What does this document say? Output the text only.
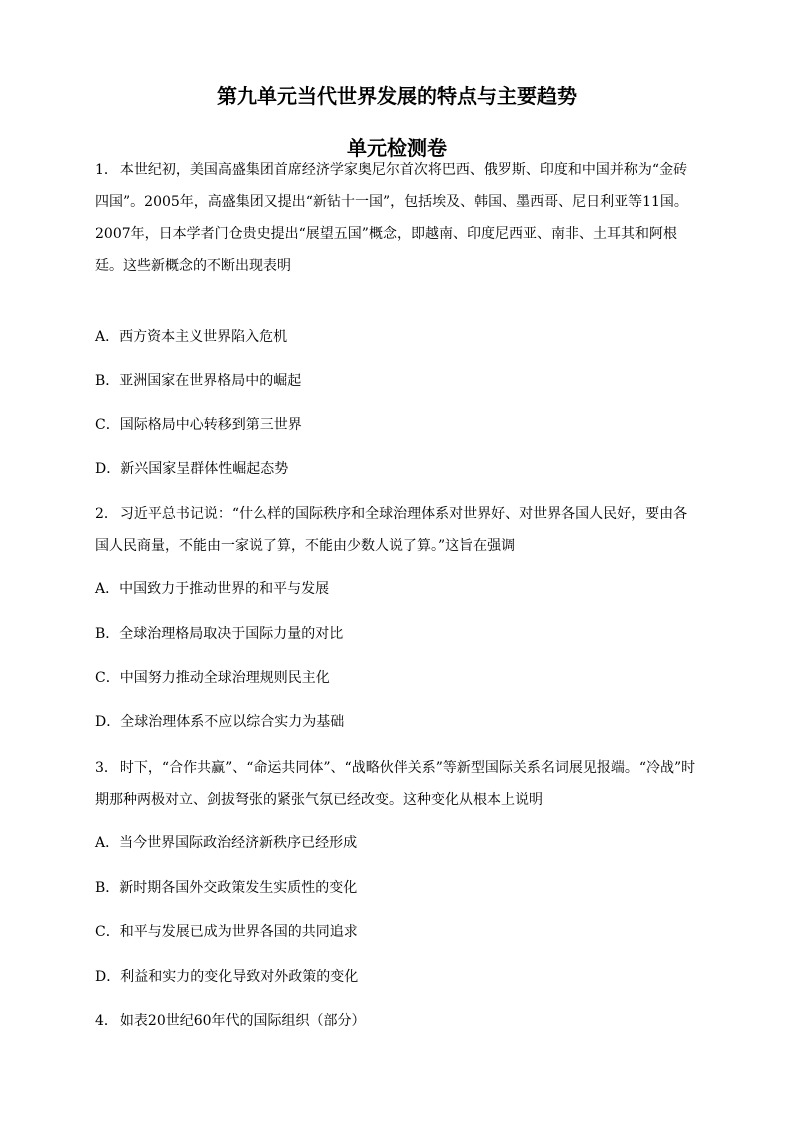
第九单元当代世界发展的特点与主要趋势
单元检测卷
1． 本世纪初，美国高盛集团首席经济学家奥尼尔首次将巴西、俄罗斯、印度和中国并称为“金砖四国”。2005年，高盛集团又提出“新钻十一国”，包括埃及、韩国、墨西哥、尼日利亚等11国。2007年，日本学者门仓贵史提出“展望五国”概念，即越南、印度尼西亚、南非、土耳其和阿根廷。这些新概念的不断出现表明
A．西方资本主义世界陷入危机
B．亚洲国家在世界格局中的崛起
C．国际格局中心转移到第三世界
D．新兴国家呈群体性崛起态势
2． 习近平总书记说：“什么样的国际秩序和全球治理体系对世界好、对世界各国人民好，要由各国人民商量，不能由一家说了算，不能由少数人说了算。”这旨在强调
A．中国致力于推动世界的和平与发展
B．全球治理格局取决于国际力量的对比
C．中国努力推动全球治理规则民主化
D．全球治理体系不应以综合实力为基础
3． 时下，“合作共赢”、“命运共同体”、“战略伙伴关系”等新型国际关系名词展见报端。“冷战”时期那种两极对立、剑拔弩张的紧张气氛已经改变。这种变化从根本上说明
A．当今世界国际政治经济新秩序已经形成
B．新时期各国外交政策发生实质性的变化
C．和平与发展已成为世界各国的共同追求
D．利益和实力的变化导致对外政策的变化
4． 如表20世纪60年代的国际组织（部分）
